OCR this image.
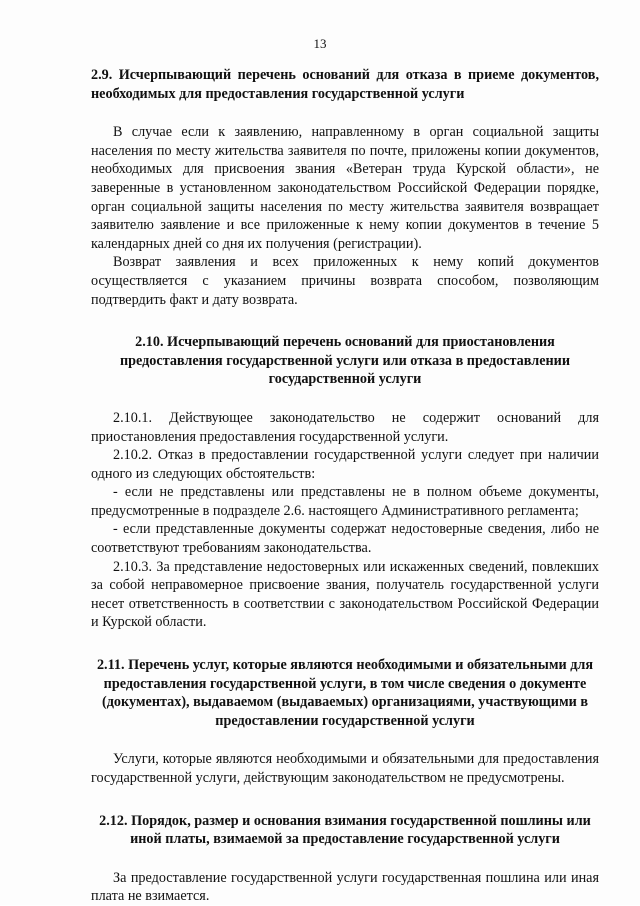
13
2.9. Исчерпывающий перечень оснований для отказа в приеме документов, необходимых для предоставления государственной услуги

В случае если к заявлению, направленному в орган социальной защиты населения по месту жительства заявителя по почте, приложены копии документов, необходимых для присвоения звания «Ветеран труда Курской области», не заверенные в установленном законодательством Российской Федерации порядке, орган социальной защиты населения по месту жительства заявителя возвращает заявителю заявление и все приложенные к нему копии документов в течение 5 календарных дней со дня их получения (регистрации).

Возврат заявления и всех приложенных к нему копий документов осуществляется с указанием причины возврата способом, позволяющим подтвердить факт и дату возврата.

2.10. Исчерпывающий перечень оснований для приостановления предоставления государственной услуги или отказа в предоставлении государственной услуги

2.10.1. Действующее законодательство не содержит оснований для приостановления предоставления государственной услуги.

2.10.2. Отказ в предоставлении государственной услуги следует при наличии одного из следующих обстоятельств:

- если не представлены или представлены не в полном объеме документы, предусмотренные в подразделе 2.6. настоящего Административного регламента;

- если представленные документы содержат недостоверные сведения, либо не соответствуют требованиям законодательства.

2.10.3. За представление недостоверных или искаженных сведений, повлекших за собой неправомерное присвоение звания, получатель государственной услуги несет ответственность в соответствии с законодательством Российской Федерации и Курской области.

2.11. Перечень услуг, которые являются необходимыми и обязательными для предоставления государственной услуги, в том числе сведения о документе (документах), выдаваемом (выдаваемых) организациями, участвующими в предоставлении государственной услуги

Услуги, которые являются необходимыми и обязательными для предоставления государственной услуги, действующим законодательством не предусмотрены.

2.12. Порядок, размер и основания взимания государственной пошлины или иной платы, взимаемой за предоставление государственной услуги

За предоставление государственной услуги государственная пошлина или иная плата не взимается.
